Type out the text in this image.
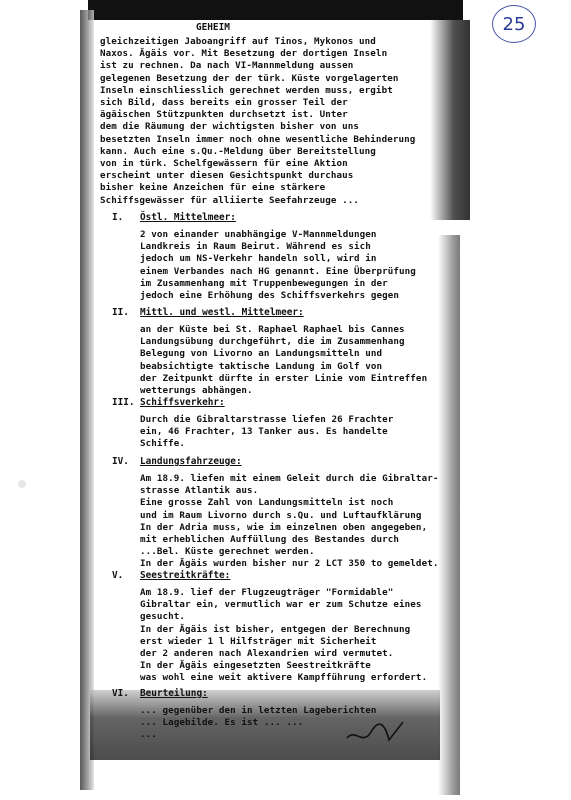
25
GEHEIM
gleichzeitigen Jaboangriff auf Tinos, Mykonos und
Naxos. Ägäis vor. Mit Besetzung der dortigen Inseln
ist zu rechnen. Da nach VI-Mannmeldung aussen
gelegenen Besetzung der der türk. Küste vorgelagerten
Inseln einschliesslich gerechnet werden muss, ergibt
sich Bild, dass bereits ein grosser Teil der
ägäischen Stützpunkten durchsetzt ist. Unter
dem die Räumung der wichtigsten bisher von uns
besetzten Inseln immer noch ohne wesentliche Behinderung
kann. Auch eine s.Qu.-Meldung über Bereitstellung
von in türk. Schelfgewässern für eine Aktion
erscheint unter diesen Gesichtspunkt durchaus
bisher keine Anzeichen für eine stärkere
Schiffsgewässer für alliierte Seefahrzeuge ...
I. Östl. Mittelmeer:
2 von einander unabhängige V-Mannmeldungen
Landkreis in Raum Beirut. Während es sich
jedoch um NS-Verkehr handeln soll, wird in
einem Verbandes nach HG genannt. Eine Überprüfung
im Zusammenhang mit Truppenbewegungen in der
jedoch eine Erhöhung des Schiffsverkehrs gegen
II. Mittl. und westl. Mittelmeer:
an der Küste bei St. Raphael Raphael bis Cannes
Landungsübung durchgeführt, die im Zusammenhang
Belegung von Livorno an Landungsmitteln und
beabsichtigte taktische Landung im Golf von
der Zeitpunkt dürfte in erster Linie vom Eintreffen
wetterungs abhängen.
III. Schiffsverkehr:
Durch die Gibraltarstrasse liefen 26 Frachter
ein, 46 Frachter, 13 Tanker aus. Es handelte
Schiffe.
IV. Landungsfahrzeuge:
Am 18.9. liefen mit einem Geleit durch die Gibraltar-
strasse Atlantik aus.
Eine grosse Zahl von Landungsmitteln ist noch
und im Raum Livorno durch s.Qu. und Luftaufklärung
In der Adria muss, wie im einzelnen oben angegeben,
mit erheblichen Auffüllung des Bestandes durch
...Bel. Küste gerechnet werden.
In der Ägäis wurden bisher nur 2 LCT 350 to gemeldet.
V. Seestreitkräfte:
Am 18.9. lief der Flugzeugträger "Formidable"
Gibraltar ein, vermutlich war er zum Schutze eines
gesucht.
In der Ägäis ist bisher, entgegen der Berechnung
erst wieder 1 l Hilfsträger mit Sicherheit
der 2 anderen nach Alexandrien wird vermutet.
In der Ägäis eingesetzten Seestreitkräfte
was wohl eine weit aktivere Kampfführung erfordert.
VI. Beurteilung:
... gegenüber den in letzten Lageberichten
... Lagebilde. Es ist ... ...
...
